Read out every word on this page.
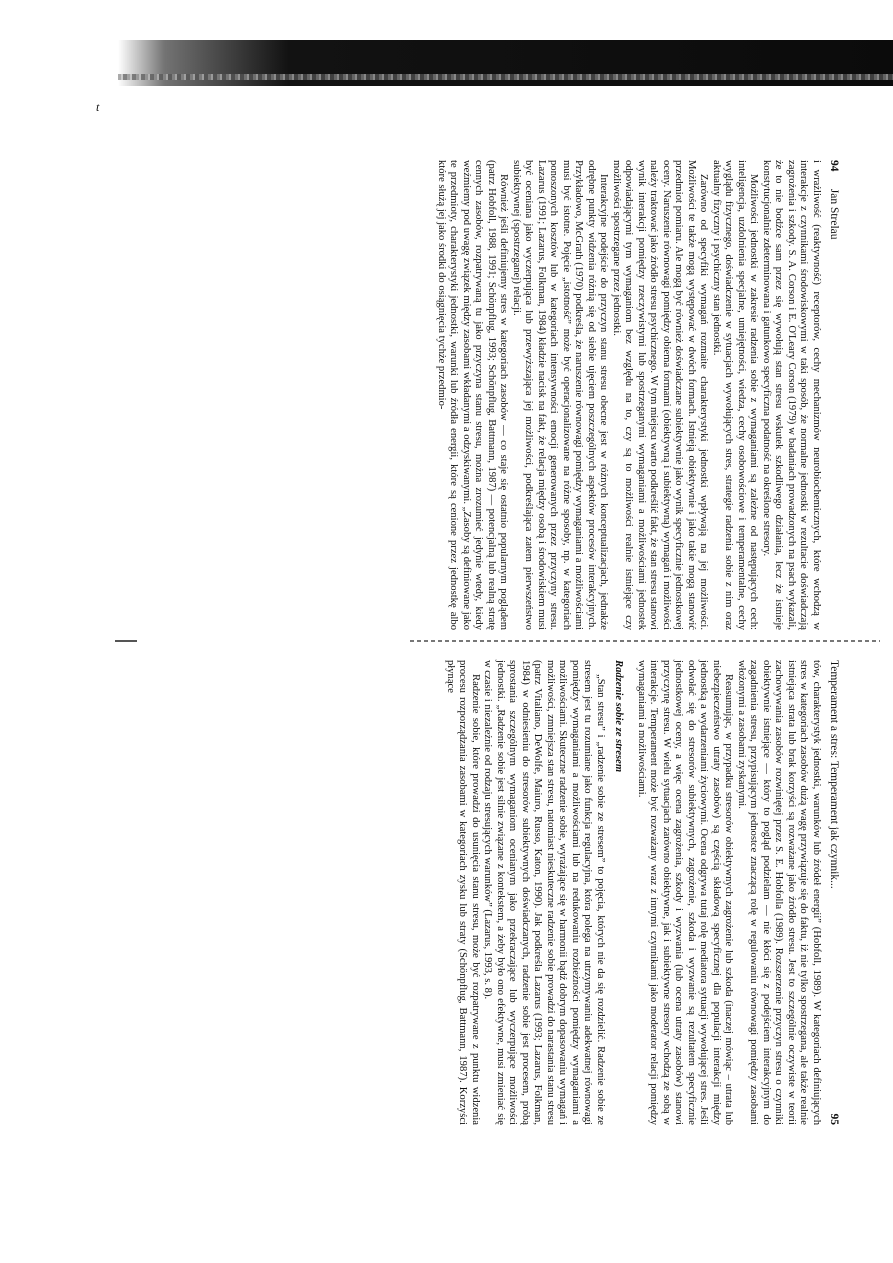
t
94      Jan Strelau

i wrażliwość (reaktywność) receptorów, cechy mechanizmów neurobiochemicznych, które wchodzą w interakcje z czynnikami środowiskowymi w taki sposób, że normalne jednostki w rezultacie doświadczają zagrożenia i szkody. S. A. Corson i E. O'Leary Corson (1979) w badaniach prowadzonych na psach wykazali, że to nie bodźce sam przez się wywołują stan stresu wskutek szkodliwego działania, lecz że istnieje konstytucjonalnie zdeterminowana i gatunkowo specyficzna podatność na określone stresory.

Możliwości jednostki w zakresie radzenia sobie z wymaganiami są zależne od następujących cech: inteligencja, uzdolnienia specjalne, umiejętności, wiedza, cechy osobowościowe i temperamentalne, cechy wyglądu fizycznego, doświadczenie w sytuacjach wywołujących stres, strategie radzenia sobie z nim oraz aktualny fizyczny i psychiczny stan jednostki.

Zarówno od specyfiki wymagań rozmaite charakterystyki jednostki wpływają na jej możliwości. Możliwości te także mogą występować w dwóch formach. Istnieją obiektywnie i jako takie mogą stanowić przedmiot pomiaru. Ale mogą być również doświadczane subiektywnie jako wynik specyficznie jednostkowej oceny. Naruszenie równowagi pomiędzy obiema formami (obiektywną i subiektywną) wymagań i możliwości należy traktować jako źródło stresu psychicznego. W tym miejscu warto podkreślić fakt, że stan stresu stanowi wynik interakcji pomiędzy rzeczywistymi lub spostrzeganymi wymaganiami a możliwościami jednostek odpowiadającymi tym wymaganiom bez względu na to, czy są to możliwości realnie istniejące czy możliwości spostrzegane przez jednostki.

Interakcyjne podejście do przyczyn stanu stresu obecne jest w różnych konceptualizacjach, jednakże odrębne punkty widzenia różnią się od siebie ujęciem poszczególnych aspektów procesów interakcyjnych. Przykładowo, McGrath (1970) podkreśla, że naruszenie równowagi pomiędzy wymaganiami a możliwościami musi być istotne. Pojęcie „istotność” może być operacjonalizowane na różne sposoby, np. w kategoriach ponoszonych kosztów lub w kategoriach intensywności emocji generowanych przez przyczyny stresu. Lazarus (1991; Lazarus, Folkman, 1984) kładzie nacisk na fakt, że relacja między osobą i środowiskiem musi być oceniana jako wyczerpująca lub przewyższająca jej możliwości, podkreślająca zatem pierwszeństwo subiektywnej (spostrzeganej) relacji.

Również jeśli definiujemy stres w kategoriach zasobów — co staje się ostatnio popularnym poglądem (patrz Hobfoll, 1988, 1991; Schönpflug, 1993; Schönpflug, Battmann, 1987) — potencjalną lub realną stratę cennych zasobów, rozpatrywaną tu jako przyczyna stanu stresu, można zrozumieć jedynie wtedy, kiedy weźmiemy pod uwagę związek między zasobami wkładanymi a odzyskiwanymi. „Zasoby są definiowane jako te przedmioty, charakterystyki jednostki, warunki lub źródła energii, które są cenione przez jednostkę albo które służą jej jako środki do osiągnięcia tychże przedmio-

Temperament a stres: Temperament jak czynnik...
95

tów, charakterystyk jednostki, warunków lub źródeł energii” (Hobfoll, 1989). W kategoriach definiujących stres w kategoriach zasobów dużą wagę przywiązuje się do faktu, iż nie tylko spostrzegana, ale także realnie istniejąca strata lub brak korzyści są rozważane jako źródło stresu. Jest to szczególnie oczywiste w teorii zachowywania zasobów rozwiniętej przez S. E. Hobfolla (1989). Rozszerzenie przyczyn stresu o czynniki obiektywnie istniejące — który to pogląd podzielam — nie kłóci się z podejściem interakcyjnym do zagadnienia stresu, przypisującym jednostce znaczącą rolę w regulowaniu równowagi pomiędzy zasobami włożonymi a zasobami zyskanymi.

Reasumując, w przypadku stresorów obiektywnych zagrożenie lub szkoda (inaczej mówiąc – utrata lub niebezpieczeństwo utraty zasobów) są częścią składową specyficznej dla populacji interakcji między jednostką a wydarzeniami życiowymi. Ocena odgrywa tutaj rolę mediatora sytuacji wywołującej stres. Jeśli odwołać się do stresorów subiektywnych, zagrożenie, szkoda i wyzwanie są rezultatem specyficznie jednostkowej oceny, a więc ocena zagrożenia, szkody i wyzwania (lub ocena utraty zasobów) stanowi przyczynę stresu. W wielu sytuacjach zarówno obiektywne, jak i subiektywne stresory wchodzą ze sobą w interakcje. Temperament może być rozważany wraz z innymi czynnikami jako moderator relacji pomiędzy wymaganiami a możliwościami.

Radzenie sobie ze stresem

„Stan stresu” i „radzenie sobie ze stresem” to pojęcia, których nie da się rozdzielić. Radzenie sobie ze stresem jest tu rozumiane jako funkcja regulacyjna, która polega na utrzymywaniu adekwatnej równowagi pomiędzy wymaganiami a możliwościami lub na redukowaniu rozbieżności pomiędzy wymaganiami a możliwościami. Skuteczne radzenie sobie, wyrażające się w harmonii bądź dobrym dopasowaniu wymagań i możliwości, zmniejsza stan stresu, natomiast nieskuteczne radzenie sobie prowadzi do narastania stanu stresu (patrz Vitaliano, DeWolfe, Maiuro, Russo, Katon, 1990). Jak podkreśla Lazarus (1993; Lazarus, Folkman, 1984) w odniesieniu do stresorów subiektywnych doświadczanych, radzenie sobie jest procesem, próbą sprostania szczególnym wymaganiom ocenianym jako przekraczające lub wyczerpujące możliwości jednostki. „Radzenie sobie jest silnie związane z kontekstem, a żeby było ono efektywne, musi zmieniać się w czasie i niezależnie od rodzaju stresujących warunków” (Lazarus, 1993, s. 8).

Radzenie sobie, które prowadzi do usunięcia stanu stresu, może być rozpatrywane z punktu widzenia procesu rozporządzania zasobami w kategoriach zysku lub straty (Schönpflug, Battmann, 1987). Korzyści płynące
